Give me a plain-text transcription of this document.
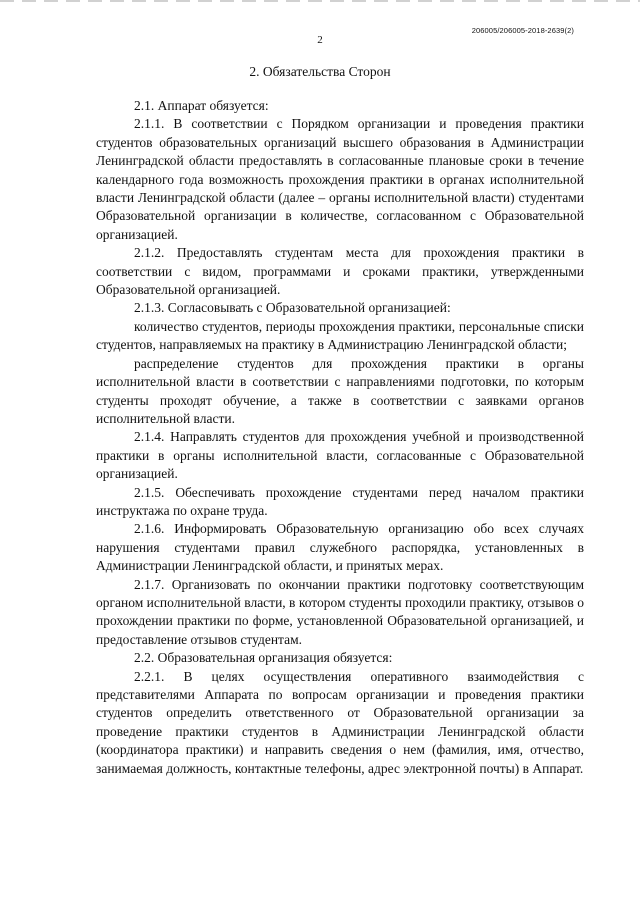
206005/206005-2018-2639(2)
2
2. Обязательства Сторон

2.1. Аппарат обязуется:

2.1.1. В соответствии с Порядком организации и проведения практики студентов образовательных организаций высшего образования в Администрации Ленинградской области предоставлять в согласованные плановые сроки в течение календарного года возможность прохождения практики в органах исполнительной власти Ленинградской области (далее – органы исполнительной власти) студентами Образовательной организации в количестве, согласованном с Образовательной организацией.

2.1.2. Предоставлять студентам места для прохождения практики в соответствии с видом, программами и сроками практики, утвержденными Образовательной организацией.

2.1.3. Согласовывать с Образовательной организацией:

количество студентов, периоды прохождения практики, персональные списки студентов, направляемых на практику в Администрацию Ленинградской области;

распределение студентов для прохождения практики в органы исполнительной власти в соответствии с направлениями подготовки, по которым студенты проходят обучение, а также в соответствии с заявками органов исполнительной власти.

2.1.4. Направлять студентов для прохождения учебной и производственной практики в органы исполнительной власти, согласованные с Образовательной организацией.

2.1.5. Обеспечивать прохождение студентами перед началом практики инструктажа по охране труда.

2.1.6. Информировать Образовательную организацию обо всех случаях нарушения студентами правил служебного распорядка, установленных в Администрации Ленинградской области, и принятых мерах.

2.1.7. Организовать по окончании практики подготовку соответствующим органом исполнительной власти, в котором студенты проходили практику, отзывов о прохождении практики по форме, установленной Образовательной организацией, и предоставление отзывов студентам.

2.2. Образовательная организация обязуется:

2.2.1. В целях осуществления оперативного взаимодействия с представителями Аппарата по вопросам организации и проведения практики студентов определить ответственного от Образовательной организации за проведение практики студентов в Администрации Ленинградской области (координатора практики) и направить сведения о нем (фамилия, имя, отчество, занимаемая должность, контактные телефоны, адрес электронной почты) в Аппарат.
